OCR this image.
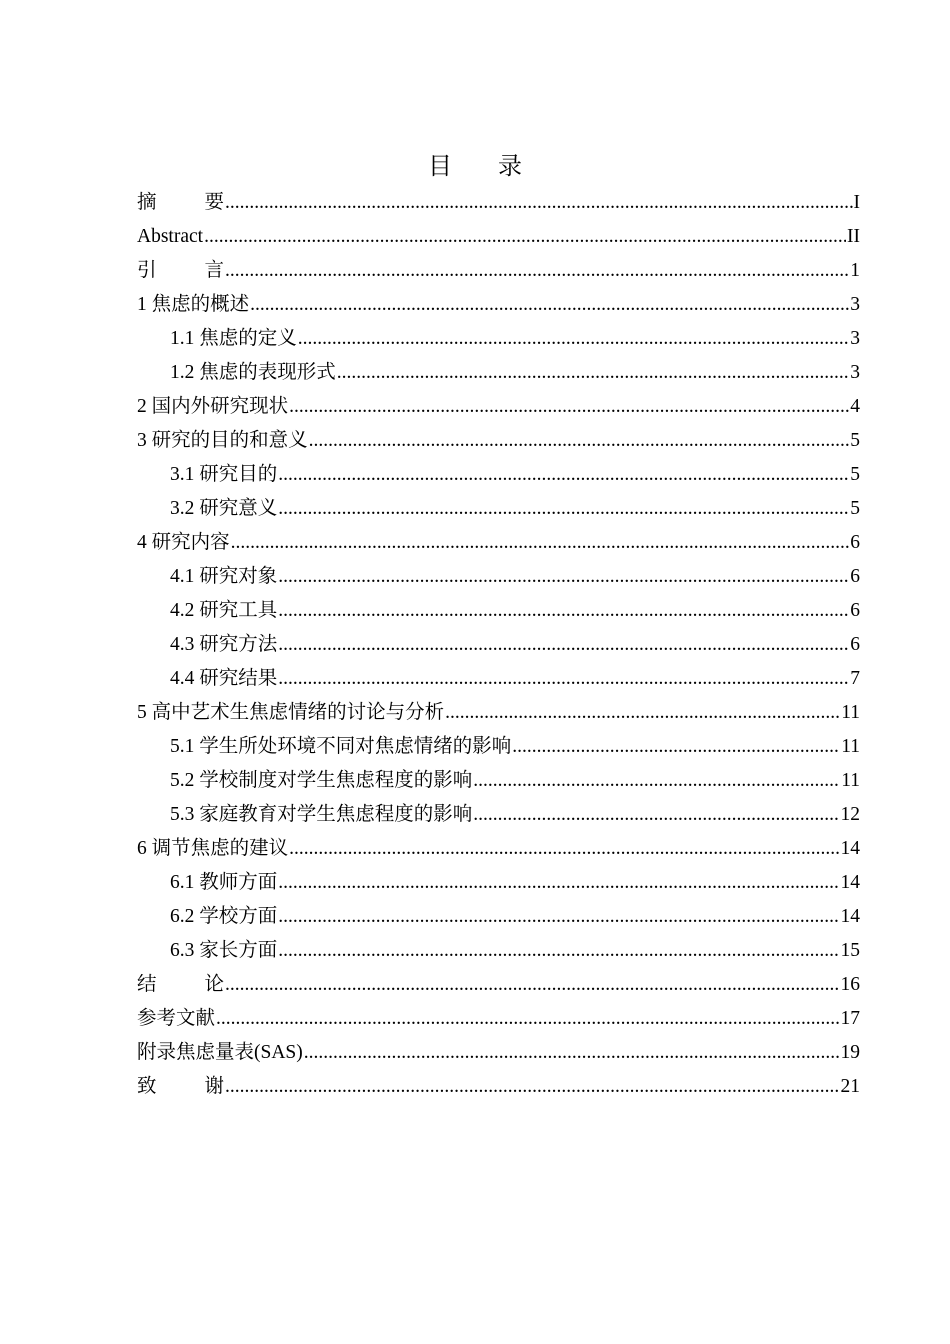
目 录
摘 要 .....	I
Abstract .....	II
引 言 .....	1
1 焦虑的概述 .....	3
1.1 焦虑的定义 .....	3
1.2 焦虑的表现形式 .....	3
2 国内外研究现状 .....	4
3 研究的目的和意义 .....	5
3.1 研究目的 .....	5
3.2 研究意义 .....	5
4 研究内容 .....	6
4.1 研究对象 .....	6
4.2 研究工具 .....	6
4.3 研究方法 .....	6
4.4 研究结果 .....	7
5 高中艺术生焦虑情绪的讨论与分析 .....	11
5.1 学生所处环境不同对焦虑情绪的影响 .....	11
5.2 学校制度对学生焦虑程度的影响 .....	11
5.3 家庭教育对学生焦虑程度的影响 .....	12
6 调节焦虑的建议 .....	14
6.1 教师方面 .....	14
6.2 学校方面 .....	14
6.3 家长方面 .....	15
结 论 .....	16
参考文献 .....	17
附录焦虑量表(SAS) .....	19
致 谢 .....	21
